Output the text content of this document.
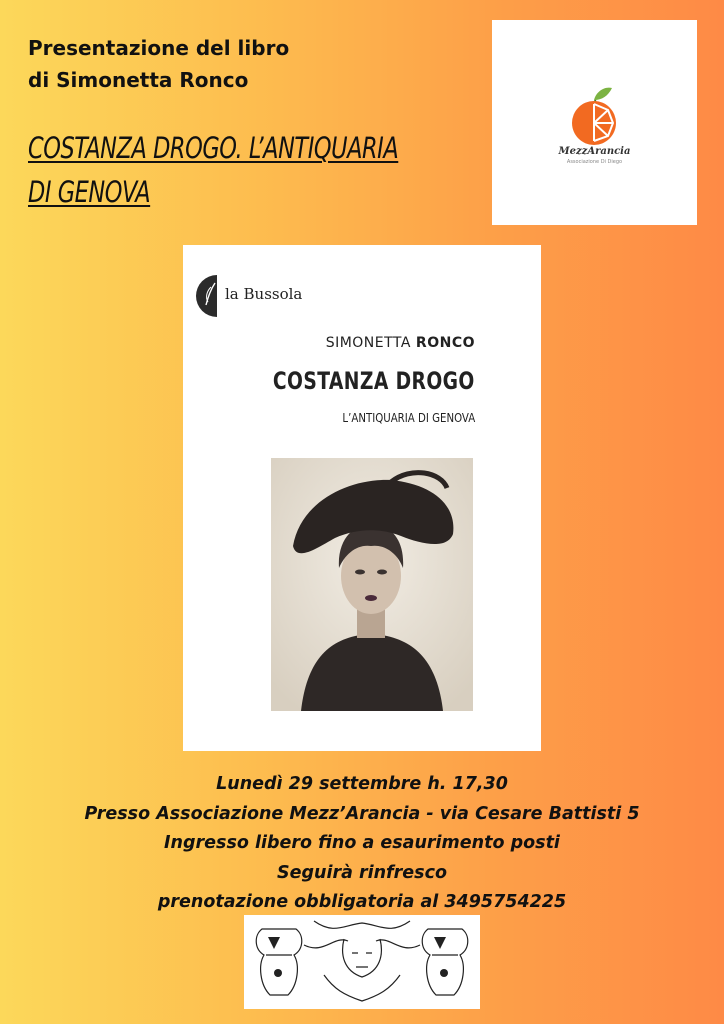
Presentazione del libro
di Simonetta Ronco
COSTANZA DROGO. L’ANTIQUARIA DI GENOVA
MezzArancia
Associazione Di Diego
la Bussola
SIMONETTA RONCO
COSTANZA DROGO
L’ANTIQUARIA DI GENOVA
Lunedì 29 settembre h. 17,30
Presso Associazione Mezz’Arancia - via Cesare Battisti 5
Ingresso libero fino a esaurimento posti
Seguirà rinfresco
prenotazione obbligatoria al 3495754225
